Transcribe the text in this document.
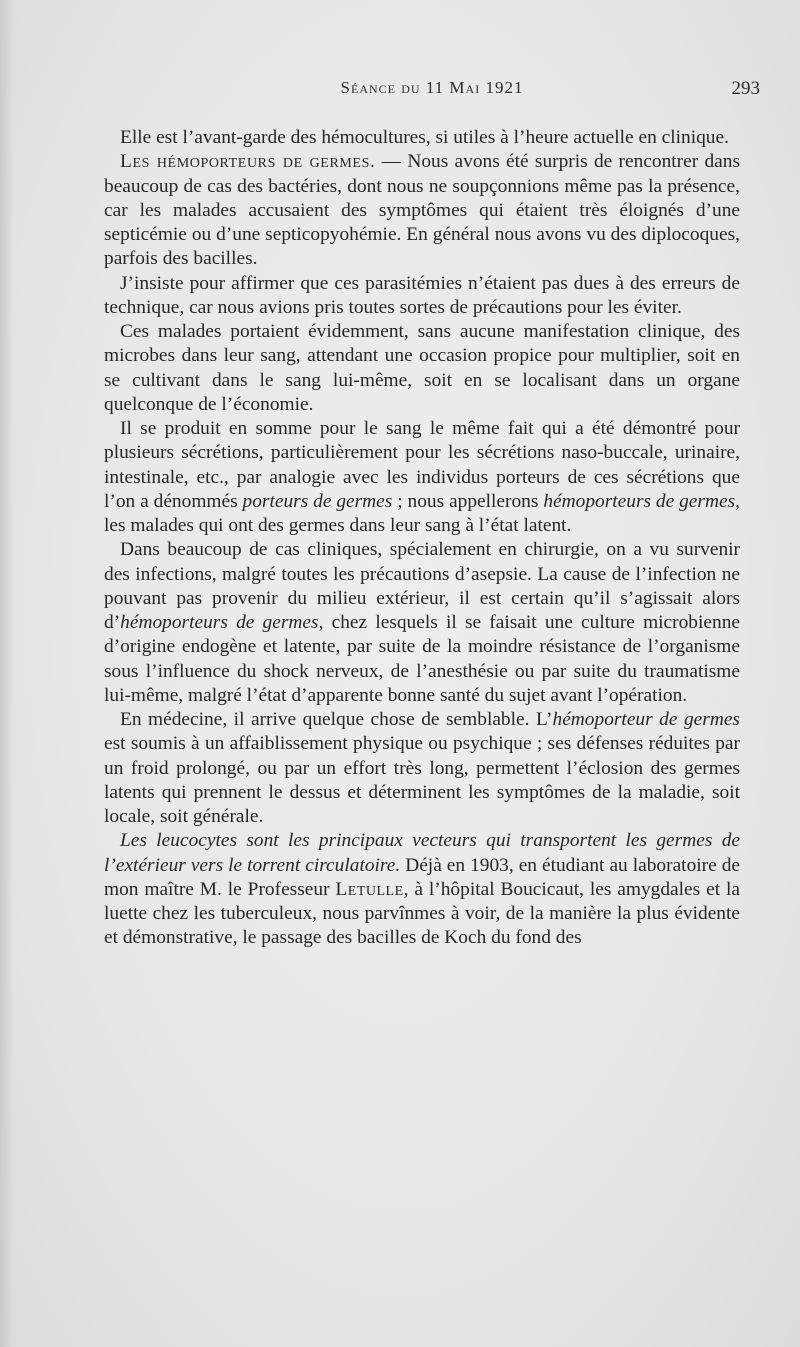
Séance du 11 Mai 1921	293

Elle est l’avant-garde des hémocultures, si utiles à l’heure actuelle en clinique.

Les hémoporteurs de germes. — Nous avons été surpris de rencontrer dans beaucoup de cas des bactéries, dont nous ne soupçonnions même pas la présence, car les malades accusaient des symptômes qui étaient très éloignés d’une septicémie ou d’une septicopyohémie. En général nous avons vu des diplocoques, parfois des bacilles.

J’insiste pour affirmer que ces parasitémies n’étaient pas dues à des erreurs de technique, car nous avions pris toutes sortes de précautions pour les éviter.

Ces malades portaient évidemment, sans aucune manifestation clinique, des microbes dans leur sang, attendant une occasion propice pour multiplier, soit en se cultivant dans le sang lui-même, soit en se localisant dans un organe quelconque de l’économie.

Il se produit en somme pour le sang le même fait qui a été démontré pour plusieurs sécrétions, particulièrement pour les sécrétions naso-buccale, urinaire, intestinale, etc., par analogie avec les individus porteurs de ces sécrétions que l’on a dénommés porteurs de germes ; nous appellerons hémoporteurs de germes, les malades qui ont des germes dans leur sang à l’état latent.

Dans beaucoup de cas cliniques, spécialement en chirurgie, on a vu survenir des infections, malgré toutes les précautions d’asepsie. La cause de l’infection ne pouvant pas provenir du milieu extérieur, il est certain qu’il s’agissait alors d’hémoporteurs de germes, chez lesquels il se faisait une culture microbienne d’origine endogène et latente, par suite de la moindre résistance de l’organisme sous l’influence du shock nerveux, de l’anesthésie ou par suite du traumatisme lui-même, malgré l’état d’apparente bonne santé du sujet avant l’opération.

En médecine, il arrive quelque chose de semblable. L’hémoporteur de germes est soumis à un affaiblissement physique ou psychique ; ses défenses réduites par un froid prolongé, ou par un effort très long, permettent l’éclosion des germes latents qui prennent le dessus et déterminent les symptômes de la maladie, soit locale, soit générale.

Les leucocytes sont les principaux vecteurs qui transportent les germes de l’extérieur vers le torrent circulatoire. Déjà en 1903, en étudiant au laboratoire de mon maître M. le Professeur Letulle, à l’hôpital Boucicaut, les amygdales et la luette chez les tuberculeux, nous parvînmes à voir, de la manière la plus évidente et démonstrative, le passage des bacilles de Koch du fond des
